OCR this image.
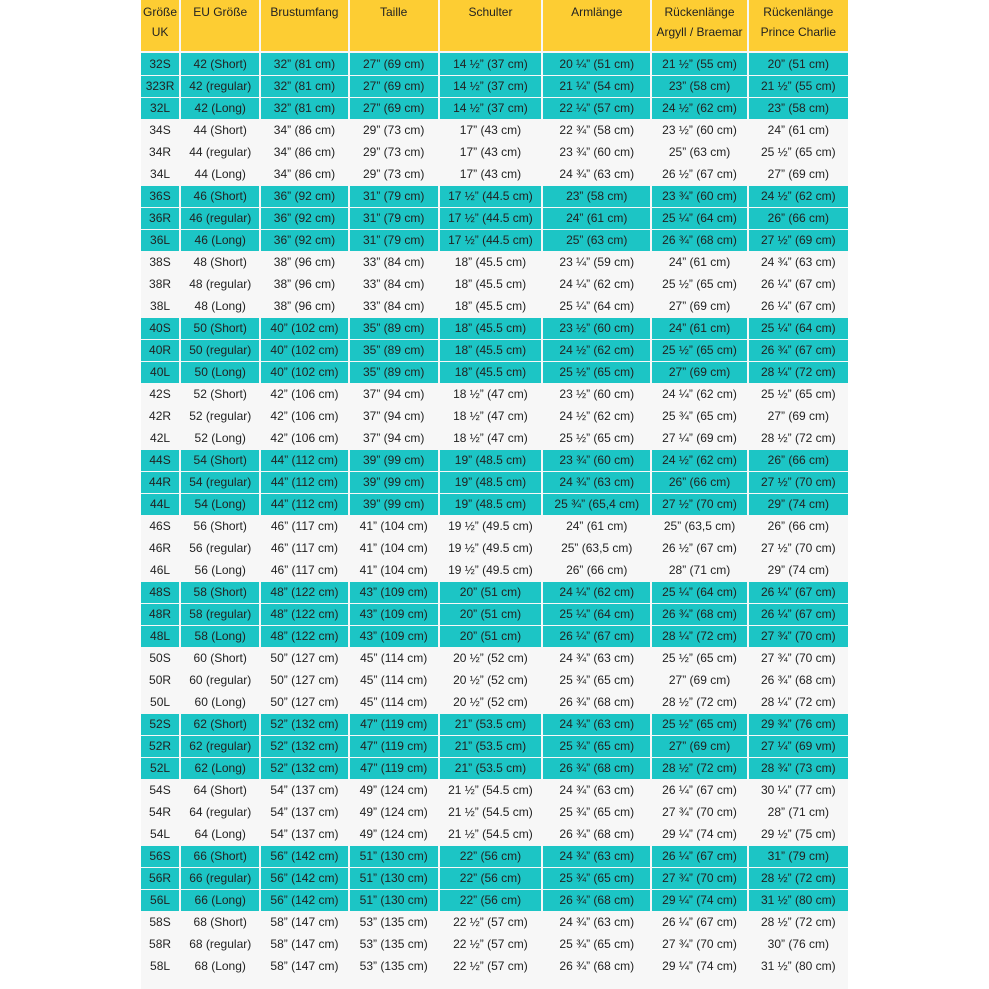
Größe UK	EU Größe	Brustumfang	Taille	Schulter	Armlänge	Rückenlänge Argyll / Braemar	Rückenlänge Prince Charlie
32S	42 (Short)	32” (81 cm)	27” (69 cm)	14 ½” (37 cm)	20 ¼” (51 cm)	21 ½” (55 cm)	20” (51 cm)
323R	42 (regular)	32” (81 cm)	27” (69 cm)	14 ½” (37 cm)	21 ¼” (54 cm)	23” (58 cm)	21 ½” (55 cm)
32L	42 (Long)	32” (81 cm)	27” (69 cm)	14 ½” (37 cm)	22 ¼” (57 cm)	24 ½” (62 cm)	23” (58 cm)
34S	44 (Short)	34” (86 cm)	29” (73 cm)	17” (43 cm)	22 ¾” (58 cm)	23 ½” (60 cm)	24” (61 cm)
34R	44 (regular)	34” (86 cm)	29” (73 cm)	17” (43 cm)	23 ¾” (60 cm)	25” (63 cm)	25 ½” (65 cm)
34L	44 (Long)	34” (86 cm)	29” (73 cm)	17” (43 cm)	24 ¾” (63 cm)	26 ½” (67 cm)	27” (69 cm)
36S	46 (Short)	36” (92 cm)	31” (79 cm)	17 ½” (44.5 cm)	23” (58 cm)	23 ¾” (60 cm)	24 ½” (62 cm)
36R	46 (regular)	36” (92 cm)	31” (79 cm)	17 ½” (44.5 cm)	24” (61 cm)	25 ¼” (64 cm)	26” (66 cm)
36L	46 (Long)	36” (92 cm)	31” (79 cm)	17 ½” (44.5 cm)	25” (63 cm)	26 ¾” (68 cm)	27 ½” (69 cm)
38S	48 (Short)	38” (96 cm)	33” (84 cm)	18” (45.5 cm)	23 ¼” (59 cm)	24” (61 cm)	24 ¾” (63 cm)
38R	48 (regular)	38” (96 cm)	33” (84 cm)	18” (45.5 cm)	24 ¼” (62 cm)	25 ½” (65 cm)	26 ¼” (67 cm)
38L	48 (Long)	38” (96 cm)	33” (84 cm)	18” (45.5 cm)	25 ¼” (64 cm)	27” (69 cm)	26 ¼” (67 cm)
40S	50 (Short)	40” (102 cm)	35” (89 cm)	18” (45.5 cm)	23 ½” (60 cm)	24” (61 cm)	25 ¼” (64 cm)
40R	50 (regular)	40” (102 cm)	35” (89 cm)	18” (45.5 cm)	24 ½” (62 cm)	25 ½” (65 cm)	26 ¾” (67 cm)
40L	50 (Long)	40” (102 cm)	35” (89 cm)	18” (45.5 cm)	25 ½” (65 cm)	27” (69 cm)	28 ¼” (72 cm)
42S	52 (Short)	42” (106 cm)	37” (94 cm)	18 ½” (47 cm)	23 ½” (60 cm)	24 ¼” (62 cm)	25 ½” (65 cm)
42R	52 (regular)	42” (106 cm)	37” (94 cm)	18 ½” (47 cm)	24 ½” (62 cm)	25 ¾” (65 cm)	27” (69 cm)
42L	52 (Long)	42” (106 cm)	37” (94 cm)	18 ½” (47 cm)	25 ½” (65 cm)	27 ¼” (69 cm)	28 ½” (72 cm)
44S	54 (Short)	44” (112 cm)	39” (99 cm)	19” (48.5 cm)	23 ¾” (60 cm)	24 ½” (62 cm)	26” (66 cm)
44R	54 (regular)	44” (112 cm)	39” (99 cm)	19” (48.5 cm)	24 ¾” (63 cm)	26” (66 cm)	27 ½” (70 cm)
44L	54 (Long)	44” (112 cm)	39” (99 cm)	19” (48.5 cm)	25 ¾” (65,4 cm)	27 ½” (70 cm)	29” (74 cm)
46S	56 (Short)	46” (117 cm)	41” (104 cm)	19 ½” (49.5 cm)	24” (61 cm)	25” (63,5 cm)	26” (66 cm)
46R	56 (regular)	46” (117 cm)	41” (104 cm)	19 ½” (49.5 cm)	25” (63,5 cm)	26 ½” (67 cm)	27 ½” (70 cm)
46L	56 (Long)	46” (117 cm)	41” (104 cm)	19 ½” (49.5 cm)	26” (66 cm)	28” (71 cm)	29” (74 cm)
48S	58 (Short)	48” (122 cm)	43” (109 cm)	20” (51 cm)	24 ¼” (62 cm)	25 ¼” (64 cm)	26 ¼” (67 cm)
48R	58 (regular)	48” (122 cm)	43” (109 cm)	20” (51 cm)	25 ¼” (64 cm)	26 ¾” (68 cm)	26 ¼” (67 cm)
48L	58 (Long)	48” (122 cm)	43” (109 cm)	20” (51 cm)	26 ¼” (67 cm)	28 ¼” (72 cm)	27 ¾” (70 cm)
50S	60 (Short)	50” (127 cm)	45” (114 cm)	20 ½” (52 cm)	24 ¾” (63 cm)	25 ½” (65 cm)	27 ¾” (70 cm)
50R	60 (regular)	50” (127 cm)	45” (114 cm)	20 ½” (52 cm)	25 ¾” (65 cm)	27” (69 cm)	26 ¾” (68 cm)
50L	60 (Long)	50” (127 cm)	45” (114 cm)	20 ½” (52 cm)	26 ¾” (68 cm)	28 ½” (72 cm)	28 ¼” (72 cm)
52S	62 (Short)	52” (132 cm)	47” (119 cm)	21” (53.5 cm)	24 ¾” (63 cm)	25 ½” (65 cm)	29 ¾” (76 cm)
52R	62 (regular)	52” (132 cm)	47” (119 cm)	21” (53.5 cm)	25 ¾” (65 cm)	27” (69 cm)	27 ¼” (69 vm)
52L	62 (Long)	52” (132 cm)	47” (119 cm)	21” (53.5 cm)	26 ¾” (68 cm)	28 ½” (72 cm)	28 ¾” (73 cm)
54S	64 (Short)	54” (137 cm)	49” (124 cm)	21 ½” (54.5 cm)	24 ¾” (63 cm)	26 ¼” (67 cm)	30 ¼” (77 cm)
54R	64 (regular)	54” (137 cm)	49” (124 cm)	21 ½” (54.5 cm)	25 ¾” (65 cm)	27 ¾” (70 cm)	28” (71 cm)
54L	64 (Long)	54” (137 cm)	49” (124 cm)	21 ½” (54.5 cm)	26 ¾” (68 cm)	29 ¼” (74 cm)	29 ½” (75 cm)
56S	66 (Short)	56” (142 cm)	51” (130 cm)	22” (56 cm)	24 ¾” (63 cm)	26 ¼” (67 cm)	31” (79 cm)
56R	66 (regular)	56” (142 cm)	51” (130 cm)	22” (56 cm)	25 ¾” (65 cm)	27 ¾” (70 cm)	28 ½” (72 cm)
56L	66 (Long)	56” (142 cm)	51” (130 cm)	22” (56 cm)	26 ¾” (68 cm)	29 ¼” (74 cm)	31 ½” (80 cm)
58S	68 (Short)	58” (147 cm)	53” (135 cm)	22 ½” (57 cm)	24 ¾” (63 cm)	26 ¼” (67 cm)	28 ½” (72 cm)
58R	68 (regular)	58” (147 cm)	53” (135 cm)	22 ½” (57 cm)	25 ¾” (65 cm)	27 ¾” (70 cm)	30” (76 cm)
58L	68 (Long)	58” (147 cm)	53” (135 cm)	22 ½” (57 cm)	26 ¾” (68 cm)	29 ¼” (74 cm)	31 ½” (80 cm)
